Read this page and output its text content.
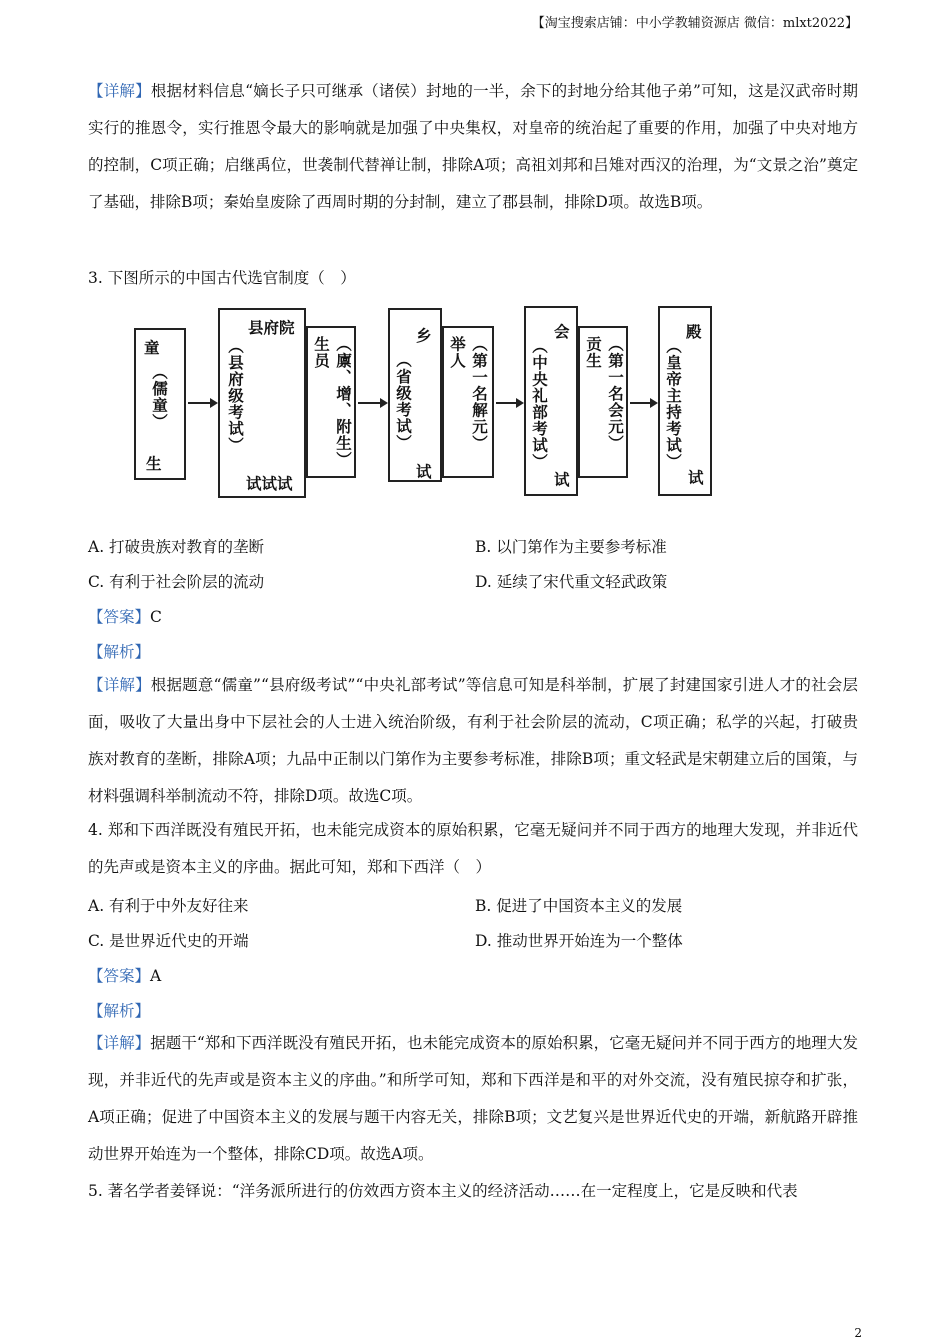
【淘宝搜索店铺：中小学教辅资源店 微信：mlxt2022】

【详解】根据材料信息“嫡长子只可继承（诸侯）封地的一半，余下的封地分给其他子弟”可知，这是汉武帝时期实行的推恩令，实行推恩令最大的影响就是加强了中央集权，对皇帝的统治起了重要的作用，加强了中央对地方的控制，C项正确；启继禹位，世袭制代替禅让制，排除A项；高祖刘邦和吕雉对西汉的治理，为“文景之治”奠定了基础，排除B项；秦始皇废除了西周时期的分封制，建立了郡县制，排除D项。故选B项。

3. 下图所示的中国古代选官制度（　）
童
（儒童）
生
县府院
（县府级考试）
试试试
生员 （廪、增、附生）	乡
（省级考试）
试
举人 （第一名解元）
会
（中央礼部考试）
试
贡生 （第一名会元）
殿
（皇帝主持考试）
试
A. 打破贵族对教育的垄断	B. 以门第作为主要参考标准
C. 有利于社会阶层的流动	D. 延续了宋代重文轻武政策
【答案】C
【解析】

【详解】根据题意“儒童”“县府级考试”“中央礼部考试”等信息可知是科举制，扩展了封建国家引进人才的社会层面，吸收了大量出身中下层社会的人士进入统治阶级，有利于社会阶层的流动，C项正确；私学的兴起，打破贵族对教育的垄断，排除A项；九品中正制以门第作为主要参考标准，排除B项；重文轻武是宋朝建立后的国策，与材料强调科举制流动不符，排除D项。故选C项。

4. 郑和下西洋既没有殖民开拓，也未能完成资本的原始积累，它毫无疑问并不同于西方的地理大发现，并非近代的先声或是资本主义的序曲。据此可知，郑和下西洋（　）

A. 有利于中外友好往来	B. 促进了中国资本主义的发展
C. 是世界近代史的开端	D. 推动世界开始连为一个整体
【答案】A
【解析】

【详解】据题干“郑和下西洋既没有殖民开拓，也未能完成资本的原始积累，它毫无疑问并不同于西方的地理大发现，并非近代的先声或是资本主义的序曲。”和所学可知，郑和下西洋是和平的对外交流，没有殖民掠夺和扩张，A项正确；促进了中国资本主义的发展与题干内容无关，排除B项；文艺复兴是世界近代史的开端，新航路开辟推动世界开始连为一个整体，排除CD项。故选A项。

5. 著名学者姜铎说：“洋务派所进行的仿效西方资本主义的经济活动……在一定程度上，它是反映和代表

2
